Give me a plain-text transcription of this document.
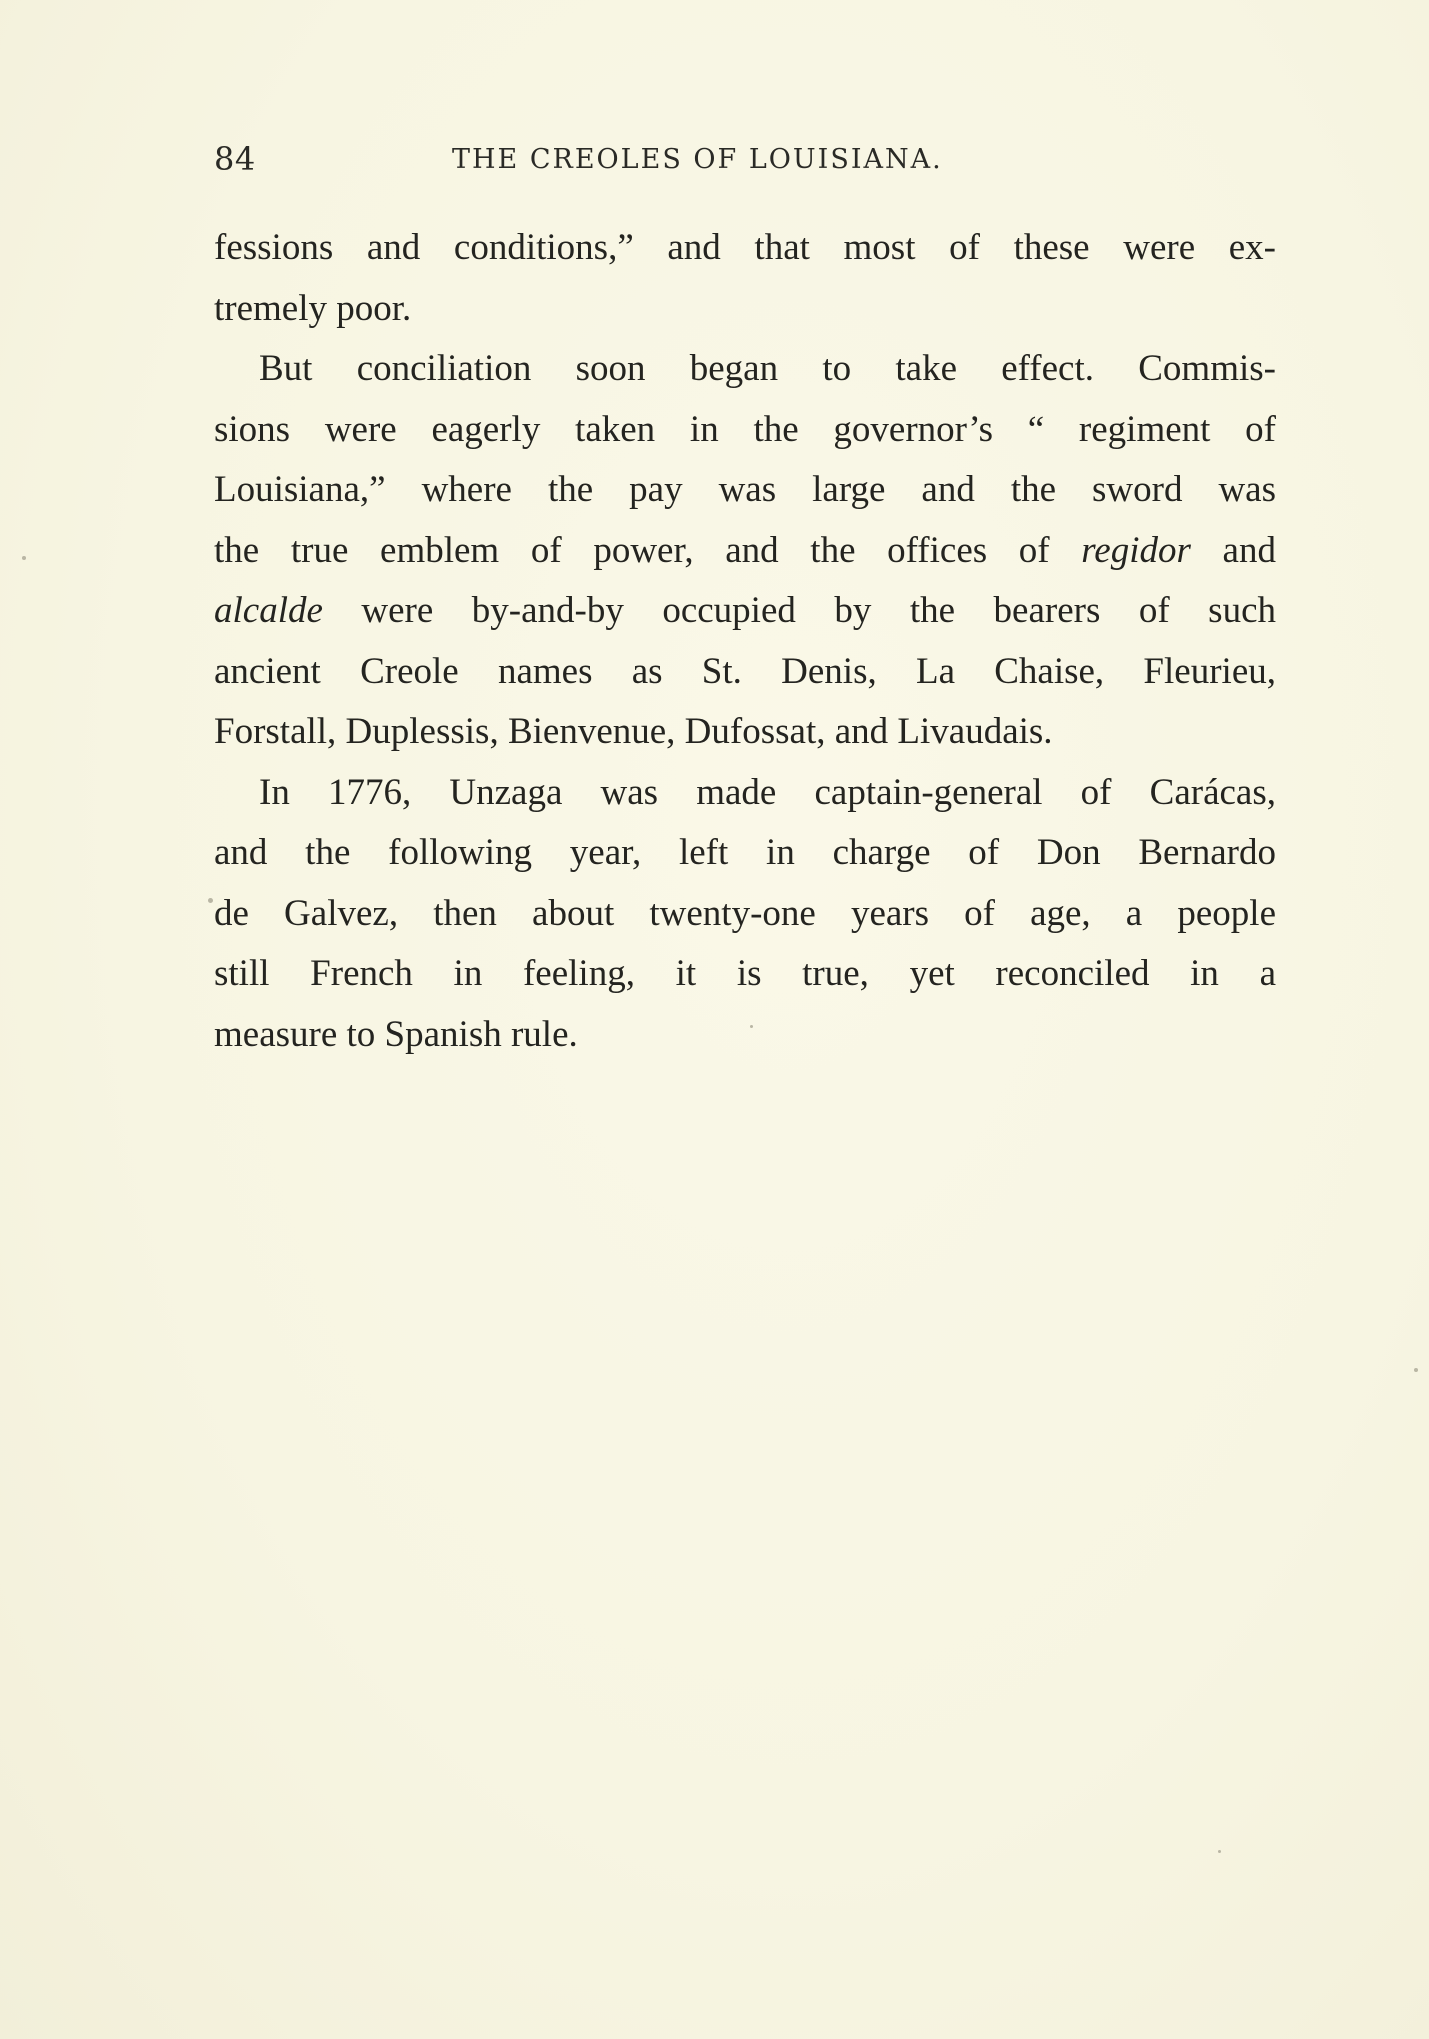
84	THE CREOLES OF LOUISIANA.
fessions and conditions,” and that most of these were ex-
tremely poor.
But conciliation soon began to take effect. Commis-
sions were eagerly taken in the governor’s “ regiment of
Louisiana,” where the pay was large and the sword was
the true emblem of power, and the offices of regidor and
alcalde were by-and-by occupied by the bearers of such
ancient Creole names as St. Denis, La Chaise, Fleurieu,
Forstall, Duplessis, Bienvenue, Dufossat, and Livaudais.
In 1776, Unzaga was made captain-general of Carácas,
and the following year, left in charge of Don Bernardo
de Galvez, then about twenty-one years of age, a people
still French in feeling, it is true, yet reconciled in a
measure to Spanish rule.
